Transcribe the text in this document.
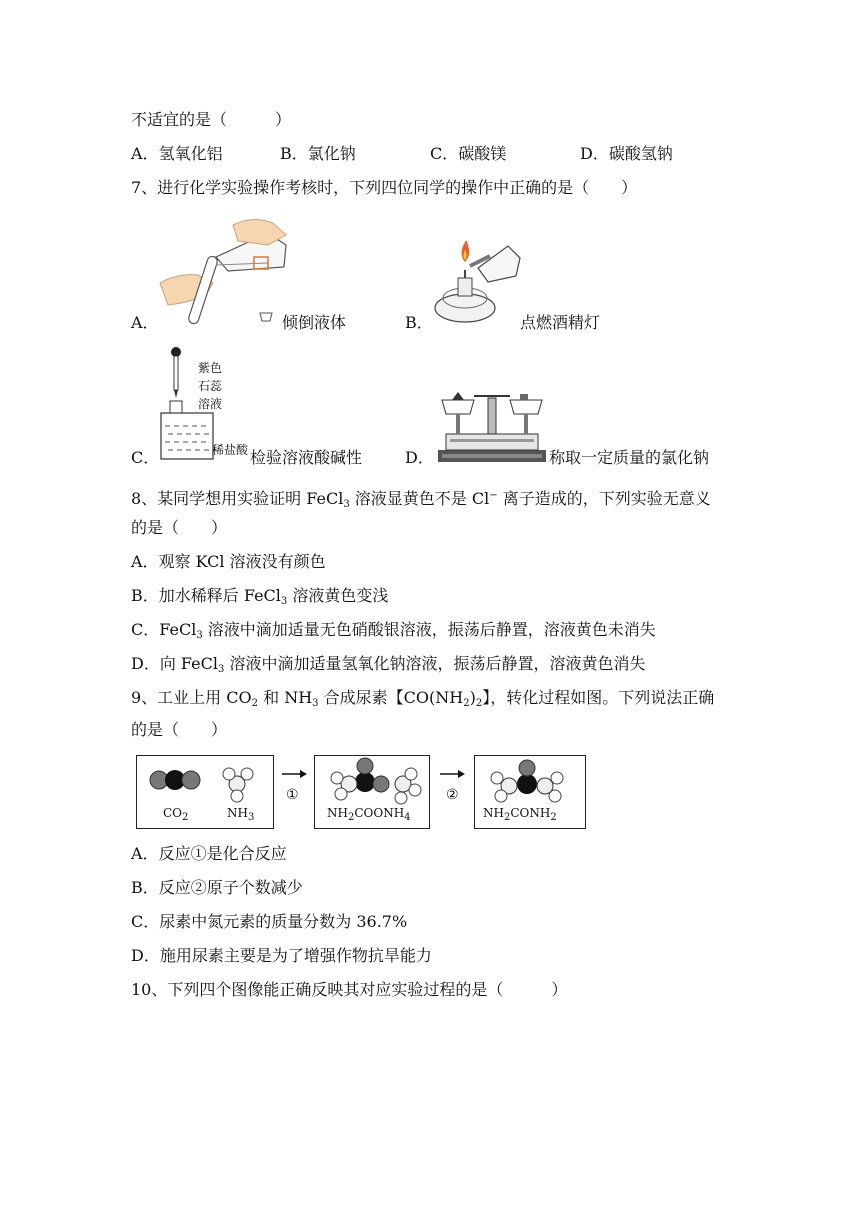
不适宜的是（　　　）
A．氢氧化铝	B．氯化钠	C．碳酸镁	D．碳酸氢钠
7、进行化学实验操作考核时，下列四位同学的操作中正确的是（　　）
A．	倾倒液体	B．	点燃酒精灯
C．
紫色
石蕊
溶液
稀盐酸 检验溶液酸碱性	D．	称取一定质量的氯化钠
8、某同学想用实验证明 FeCl$_3$ 溶液显黄色不是 Cl− 离子造成的，下列实验无意义
的是（　　）
A．观察 KCl 溶液没有颜色
B．加水稀释后 FeCl$_3$ 溶液黄色变浅
C．FeCl$_3$ 溶液中滴加适量无色硝酸银溶液，振荡后静置，溶液黄色未消失
D．向 FeCl$_3$ 溶液中滴加适量氢氧化钠溶液，振荡后静置，溶液黄色消失
9、工业上用 $CO_2$ 和 $NH_3$ 合成尿素【$CO(NH_2)_2$】，转化过程如图。下列说法正确
的是（　　）
$CO_2$	$NH_3$
①
$NH_2COONH_4$
②
$NH_2CONH_2$
A．反应①是化合反应
B．反应②原子个数减少
C．尿素中氮元素的质量分数为 36.7%
D．施用尿素主要是为了增强作物抗旱能力
10、下列四个图像能正确反映其对应实验过程的是（　　　）
